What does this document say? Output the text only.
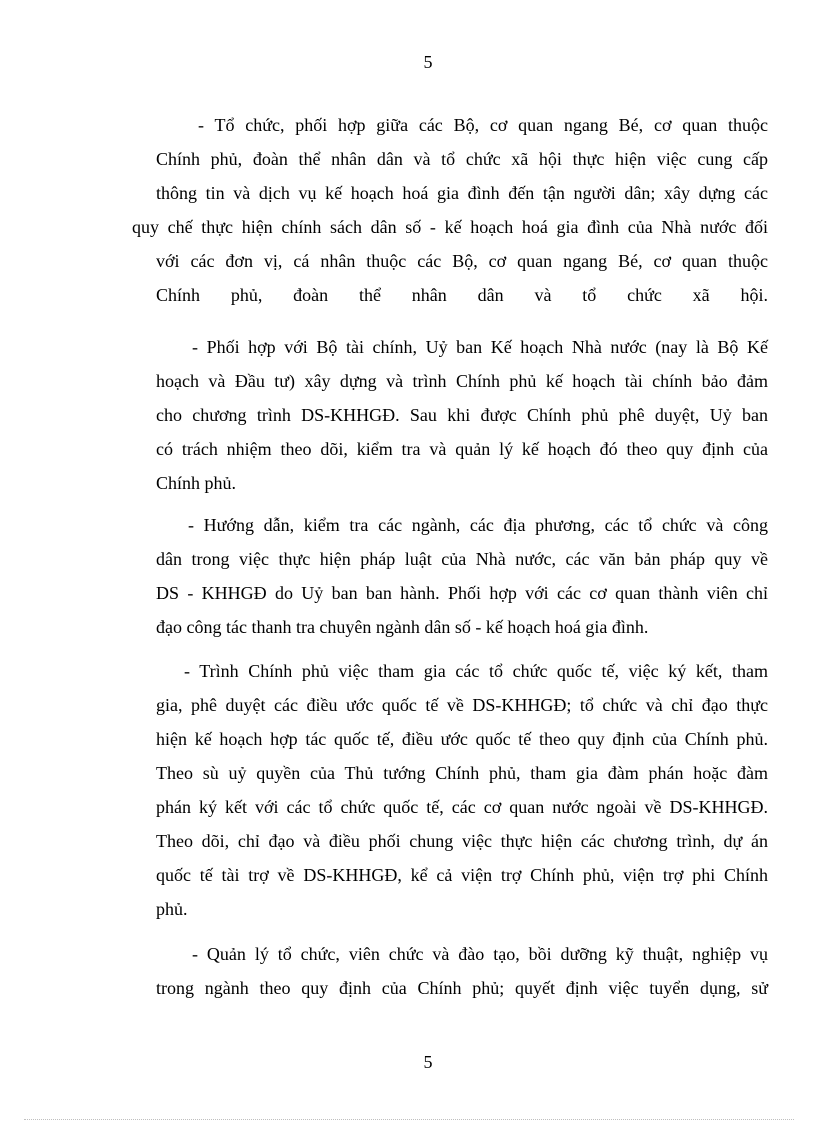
5
- Tổ chức, phối hợp giữa các Bộ, cơ quan ngang Bé, cơ quan thuộc
Chính phủ, đoàn thể nhân dân và tổ chức xã hội thực hiện việc cung cấp
thông tin và dịch vụ kế hoạch hoá gia đình đến tận người dân; xây dựng các
quy chế thực hiện chính sách dân số - kế hoạch hoá gia đình của Nhà nước đối
với các đơn vị, cá nhân thuộc các Bộ, cơ quan ngang Bé, cơ quan thuộc
Chính phủ, đoàn thể nhân dân và tổ chức xã hội.
- Phối hợp với Bộ tài chính, Uỷ ban Kế hoạch Nhà nước (nay là Bộ Kế
hoạch và Đầu tư) xây dựng và trình Chính phủ kế hoạch tài chính bảo đảm
cho chương trình DS-KHHGĐ. Sau khi được Chính phủ phê duyệt, Uỷ ban
có trách nhiệm theo dõi, kiểm tra và quản lý kế hoạch đó theo quy định của
Chính phủ.
- Hướng dẫn, kiểm tra các ngành, các địa phương, các tổ chức và công
dân trong việc thực hiện pháp luật của Nhà nước, các văn bản pháp quy về
DS - KHHGĐ do Uỷ ban ban hành. Phối hợp với các cơ quan thành viên chỉ
đạo công tác thanh tra chuyên ngành dân số - kế hoạch hoá gia đình.
- Trình Chính phủ việc tham gia các tổ chức quốc tế, việc ký kết, tham
gia, phê duyệt các điều ước quốc tế về DS-KHHGĐ; tổ chức và chỉ đạo thực
hiện kế hoạch hợp tác quốc tế, điều ước quốc tế theo quy định của Chính phủ.
Theo sù uỷ quyền của Thủ tướng Chính phủ, tham gia đàm phán hoặc đàm
phán ký kết với các tổ chức quốc tế, các cơ quan nước ngoài về DS-KHHGĐ.
Theo dõi, chỉ đạo và điều phối chung việc thực hiện các chương trình, dự án
quốc tế tài trợ về DS-KHHGĐ, kể cả viện trợ Chính phủ, viện trợ phi Chính
phủ.
- Quản lý tổ chức, viên chức và đào tạo, bồi dưỡng kỹ thuật, nghiệp vụ
trong ngành theo quy định của Chính phủ; quyết định việc tuyển dụng, sử
5
